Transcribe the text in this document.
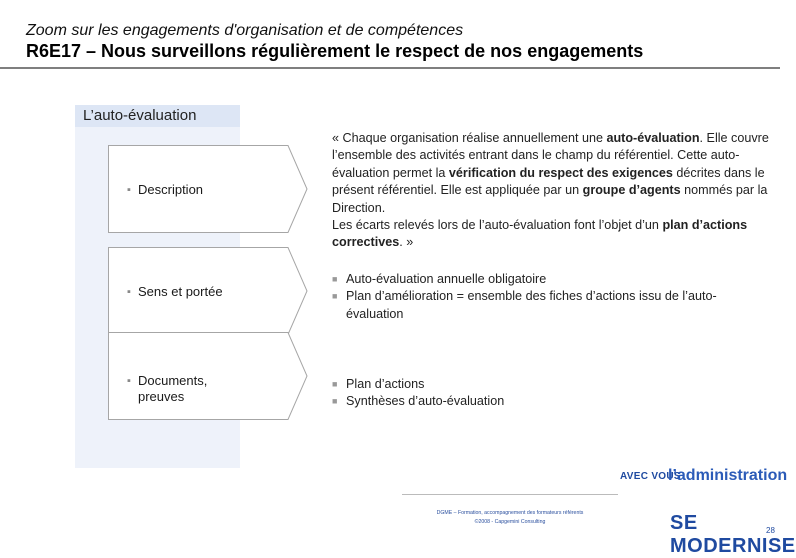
Zoom sur les engagements d'organisation et de compétences
R6E17 – Nous surveillons régulièrement le respect de nos engagements
L’auto-évaluation
▪ Description
▪ Sens et portée
▪ Documents,
preuves

« Chaque organisation réalise annuellement une auto-évaluation. Elle couvre l’ensemble des activités entrant dans le champ du référentiel. Cette auto-évaluation permet la vérification du respect des exigences décrites dans le présent référentiel. Elle est appliquée par un groupe d’agents nommés par la Direction.

Les écarts relevés lors de l’auto-évaluation font l’objet d’un plan d’actions correctives. »

■ Auto-évaluation annuelle obligatoire
■ Plan d’amélioration = ensemble des fiches d’actions issu de l’auto-évaluation
■ Plan d’actions
■ Synthèses d’auto-évaluation
DGME – Formation, accompagnement des formateurs référents
©2008 - Capgemini Consulting
AVEC VOUS
l’administration
SE MODERNISE
28
